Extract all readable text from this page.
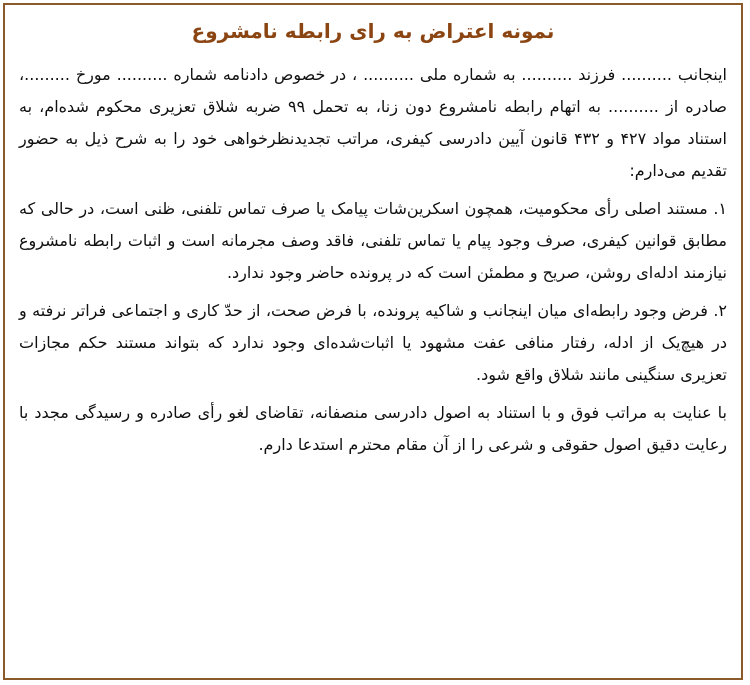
نمونه اعتراض به رای رابطه نامشروع

اینجانب .......... فرزند .......... به شماره ملی .......... ، در خصوص دادنامه شماره .......... مورخ .........، صادره از .......... به اتهام رابطه نامشروع دون زنا، به تحمل ۹۹ ضربه شلاق تعزیری محکوم شده‌ام، به استناد مواد ۴۲۷ و ۴۳۲ قانون آیین دادرسی کیفری، مراتب تجدیدنظرخواهی خود را به شرح ذیل به حضور تقدیم می‌دارم:

۱. مستند اصلی رأی محکومیت، همچون اسکرین‌شات پیامک یا صرف تماس تلفنی، ظنی است، در حالی که مطابق قوانین کیفری، صرف وجود پیام یا تماس تلفنی، فاقد وصف مجرمانه است و اثبات رابطه نامشروع نیازمند ادله‌ای روشن، صریح و مطمئن است که در پرونده حاضر وجود ندارد.

۲. فرض وجود رابطه‌ای میان اینجانب و شاکیه پرونده، با فرض صحت، از حدّ کاری و اجتماعی فراتر نرفته و در هیچ‌یک از ادله، رفتار منافی عفت مشهود یا اثبات‌شده‌ای وجود ندارد که بتواند مستند حکم مجازات تعزیری سنگینی مانند شلاق واقع شود.

با عنایت به مراتب فوق و با استناد به اصول دادرسی منصفانه، تقاضای لغو رأی صادره و رسیدگی مجدد با رعایت دقیق اصول حقوقی و شرعی را از آن مقام محترم استدعا دارم.
